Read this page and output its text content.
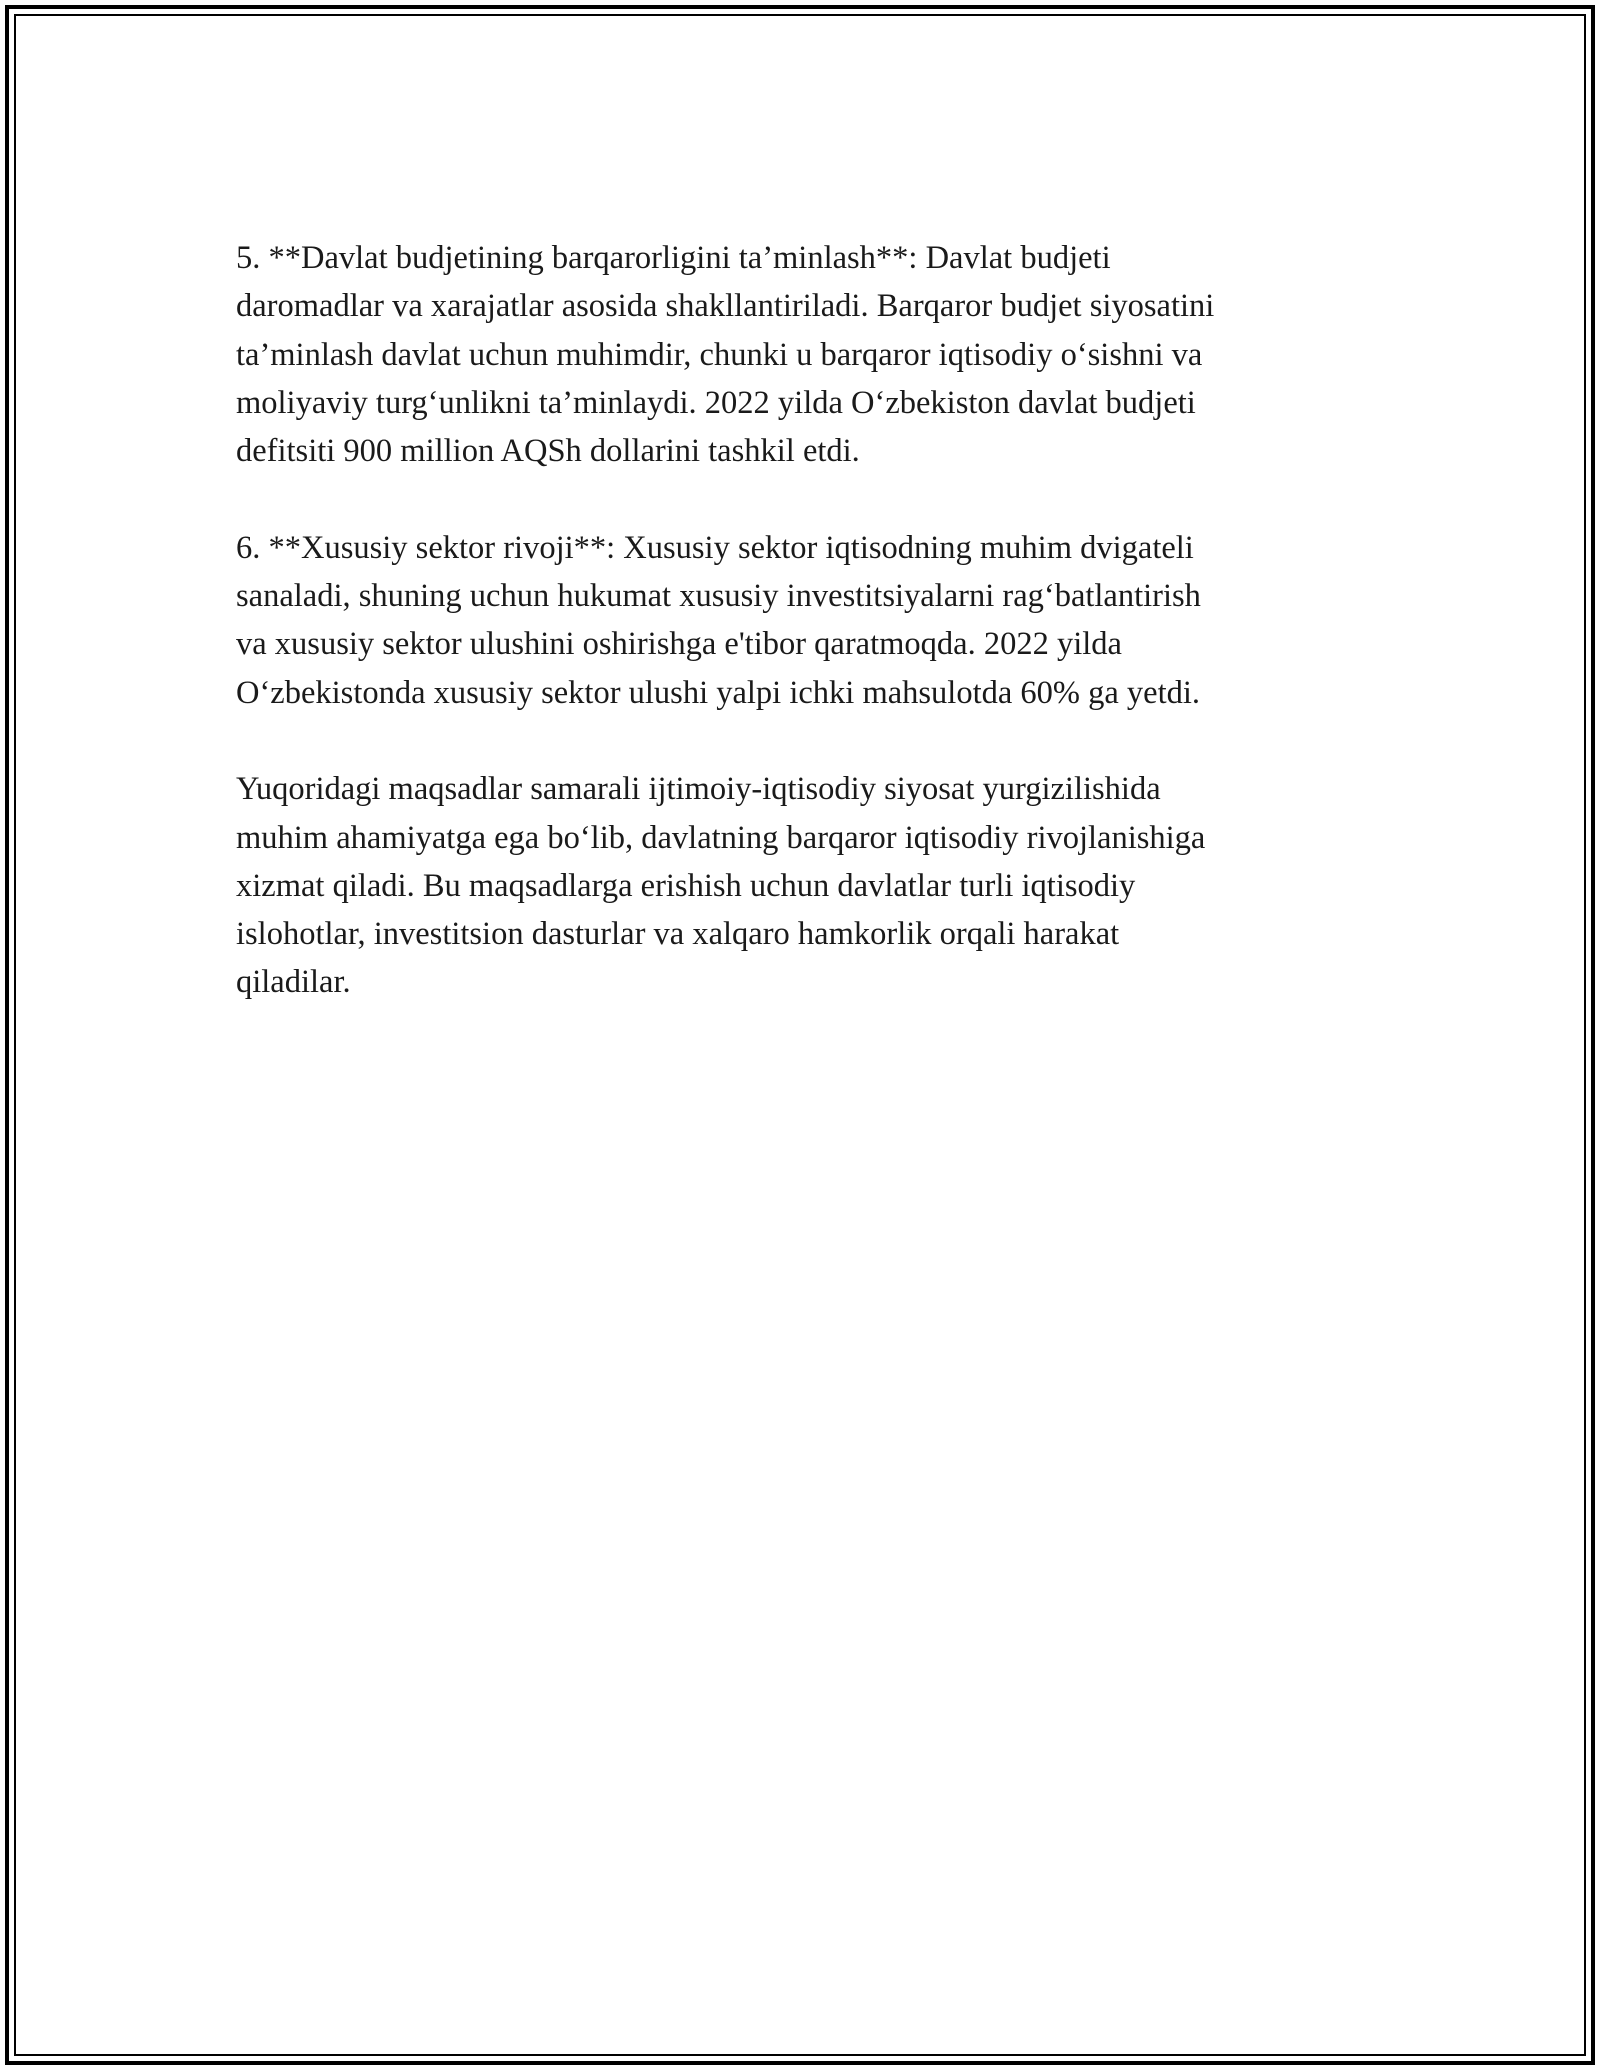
5. **Davlat budjetining barqarorligini ta’minlash**: Davlat budjeti
daromadlar va xarajatlar asosida shakllantiriladi. Barqaror budjet siyosatini
ta’minlash davlat uchun muhimdir, chunki u barqaror iqtisodiy o‘sishni va
moliyaviy turg‘unlikni ta’minlaydi. 2022 yilda O‘zbekiston davlat budjeti
defitsiti 900 million AQSh dollarini tashkil etdi.

6. **Xususiy sektor rivoji**: Xususiy sektor iqtisodning muhim dvigateli
sanaladi, shuning uchun hukumat xususiy investitsiyalarni rag‘batlantirish
va xususiy sektor ulushini oshirishga e'tibor qaratmoqda. 2022 yilda
O‘zbekistonda xususiy sektor ulushi yalpi ichki mahsulotda 60% ga yetdi.

Yuqoridagi maqsadlar samarali ijtimoiy-iqtisodiy siyosat yurgizilishida
muhim ahamiyatga ega bo‘lib, davlatning barqaror iqtisodiy rivojlanishiga
xizmat qiladi. Bu maqsadlarga erishish uchun davlatlar turli iqtisodiy
islohotlar, investitsion dasturlar va xalqaro hamkorlik orqali harakat
qiladilar.
